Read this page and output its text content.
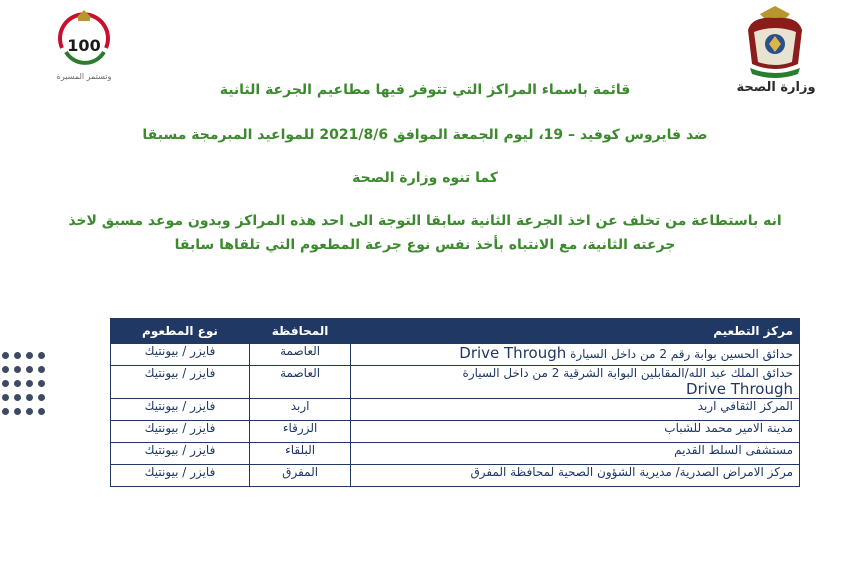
100
وتستمر المسيرة
وزارة الصحة
قائمة باسماء المراكز التي تتوفر فيها مطاعيم الجرعة الثانية
ضد فايروس كوفيد – 19، ليوم الجمعة الموافق 2021/8/6 للمواعيد المبرمجة مسبقا
كما تنوه وزارة الصحة
انه باستطاعة من تخلف عن اخذ الجرعة الثانية سابقا التوجة الى احد هذه المراكز وبدون موعد مسبق لاخذ جرعته الثانية، مع الانتباه بأخذ نفس نوع جرعة المطعوم التي تلقاها سابقا
مركز التطعيم	المحافظة	نوع المطعوم
حدائق الحسين بوابة رقم 2 من داخل السيارة Drive Through	العاصمة	فايزر / بيونتيك
حدائق الملك عبد الله/المقابلين البوابة الشرقية 2 من داخل السيارة
Drive Through	العاصمة	فايزر / بيونتيك
المركز الثقافي اربد	اربد	فايزر / بيونتيك
مدينة الامير محمد للشباب	الزرقاء	فايزر / بيونتيك
مستشفى السلط القديم	البلقاء	فايزر / بيونتيك
مركز الامراض الصدرية/ مديرية الشؤون الصحية لمحافظة المفرق	المفرق	فايزر / بيونتيك
